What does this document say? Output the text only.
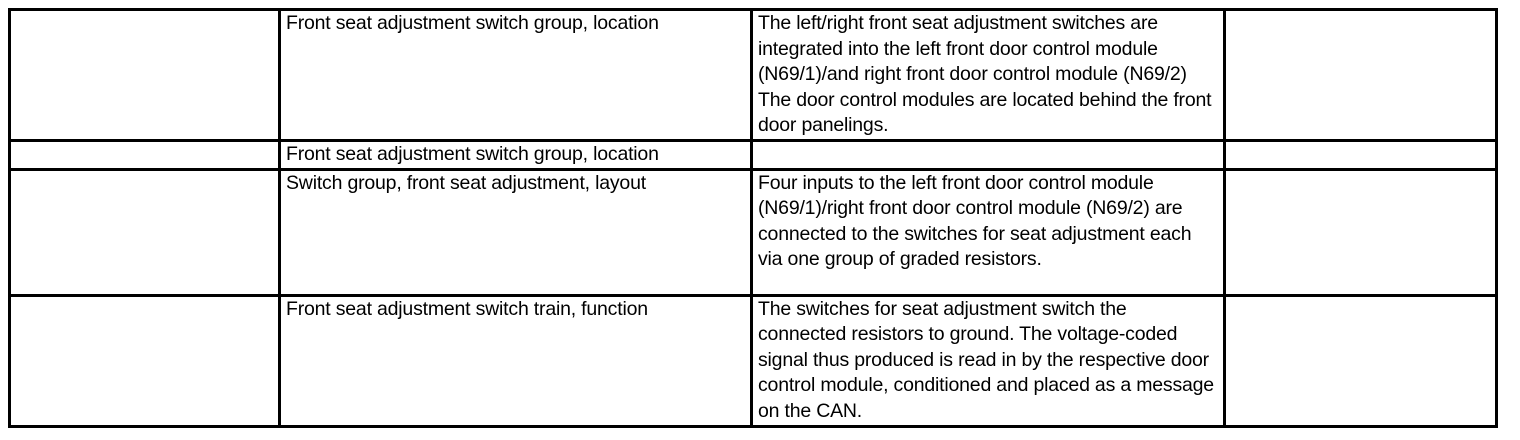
	Front seat adjustment switch group, location	The left/right front seat adjustment switches are integrated into the left front door control module (N69/1)/and right front door control module (N69/2) The door control modules are located behind the front door panelings.	
	Front seat adjustment switch group, location		
	Switch group, front seat adjustment, layout	Four inputs to the left front door control module (N69/1)/right front door control module (N69/2) are connected to the switches for seat adjustment each via one group of graded resistors.	
	Front seat adjustment switch train, function	The switches for seat adjustment switch the connected resistors to ground. The voltage-coded signal thus produced is read in by the respective door control module, conditioned and placed as a message on the CAN.	
